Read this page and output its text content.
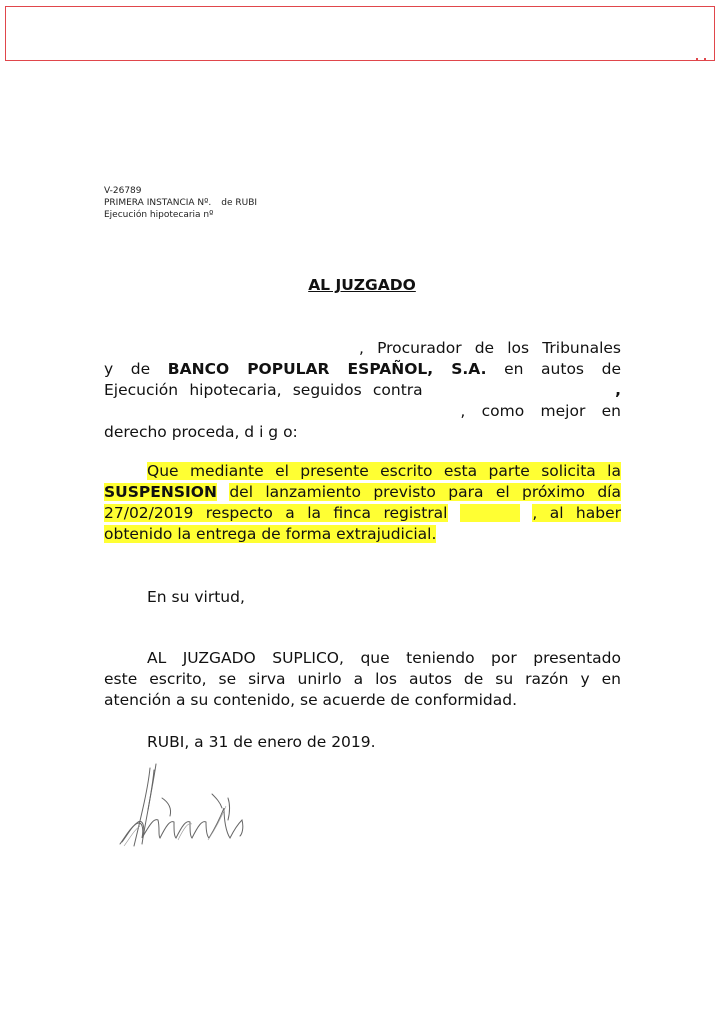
V-26789
PRIMERA INSTANCIA Nº. de RUBI
Ejecución hipotecaria nº
AL JUZGADO
, Procurador de los Tribunales
y de BANCO POPULAR ESPAÑOL, S.A. en autos de
Ejecución hipotecaria, seguidos contra	,
, como mejor en
derecho proceda, d i g o:
Que mediante el presente escrito esta parte solicita la
SUSPENSION del lanzamiento previsto para el próximo día
27/02/2019 respecto a la finca registral	, al haber
obtenido la entrega de forma extrajudicial.
En su virtud,
AL JUZGADO SUPLICO, que teniendo por presentado
este escrito, se sirva unirlo a los autos de su razón y en
atención a su contenido, se acuerde de conformidad.
RUBI, a 31 de enero de 2019.
